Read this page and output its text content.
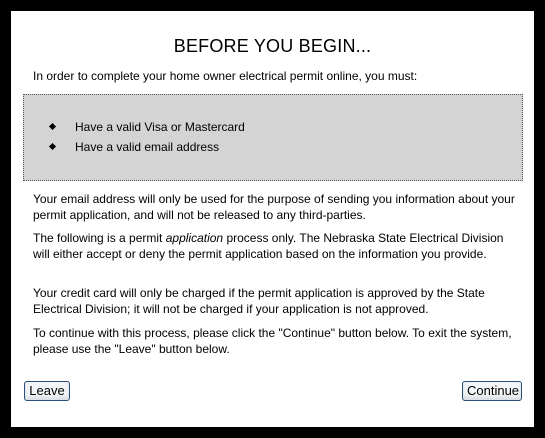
BEFORE YOU BEGIN...
In order to complete your home owner electrical permit online, you must:
Have a valid Visa or Mastercard
Have a valid email address

Your email address will only be used for the purpose of sending you information about your permit application, and will not be released to any third-parties.

The following is a permit application process only. The Nebraska State Electrical Division will either accept or deny the permit application based on the information you provide.

Your credit card will only be charged if the permit application is approved by the State Electrical Division; it will not be charged if your application is not approved.

To continue with this process, please click the "Continue" button below. To exit the system, please use the "Leave" button below.

Leave	Continue
